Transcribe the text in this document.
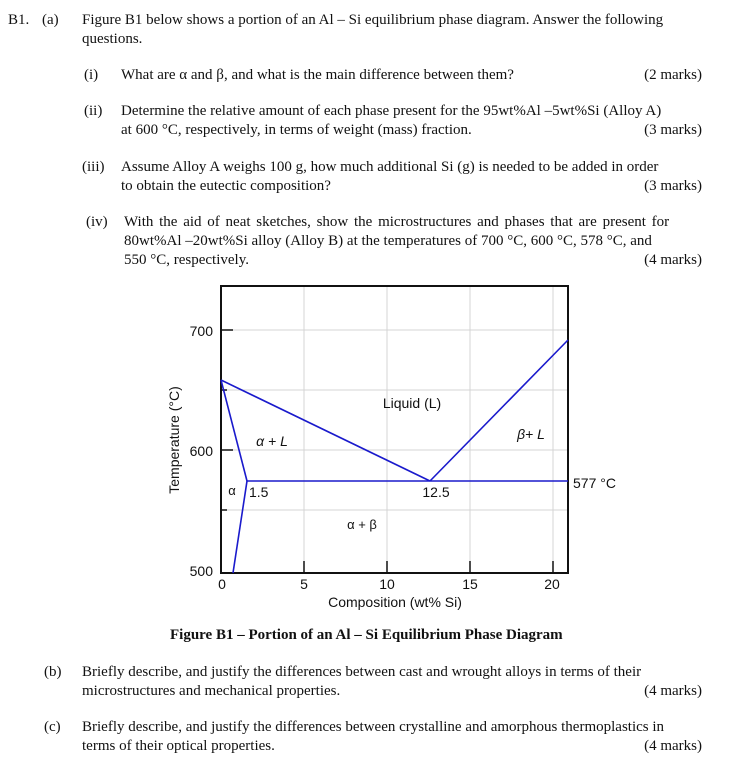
B1. (a) Figure B1 below shows a portion of an Al – Si equilibrium phase diagram. Answer the following
questions.
(i) What are α and β, and what is the main difference between them?	(2 marks)
(ii) Determine the relative amount of each phase present for the 95wt%Al –5wt%Si (Alloy A)
at 600 °C, respectively, in terms of weight (mass) fraction.	(3 marks)
(iii) Assume Alloy A weighs 100 g, how much additional Si (g) is needed to be added in order
to obtain the eutectic composition?	(3 marks)
(iv) With the aid of neat sketches, show the microstructures and phases that are present for
80wt%Al –20wt%Si alloy (Alloy B) at the temperatures of 700 °C, 600 °C, 578 °C, and
550 °C, respectively.	(4 marks)
700
600
500
0	5	10	15	20
Composition (wt% Si)
Temperature (°C)	Liquid (L)
α + L	β+ L
α 1.5	12.5
α + β
577 °C
Figure B1 – Portion of an Al – Si Equilibrium Phase Diagram
(b) Briefly describe, and justify the differences between cast and wrought alloys in terms of their
microstructures and mechanical properties.	(4 marks)
(c) Briefly describe, and justify the differences between crystalline and amorphous thermoplastics in
terms of their optical properties.	(4 marks)
